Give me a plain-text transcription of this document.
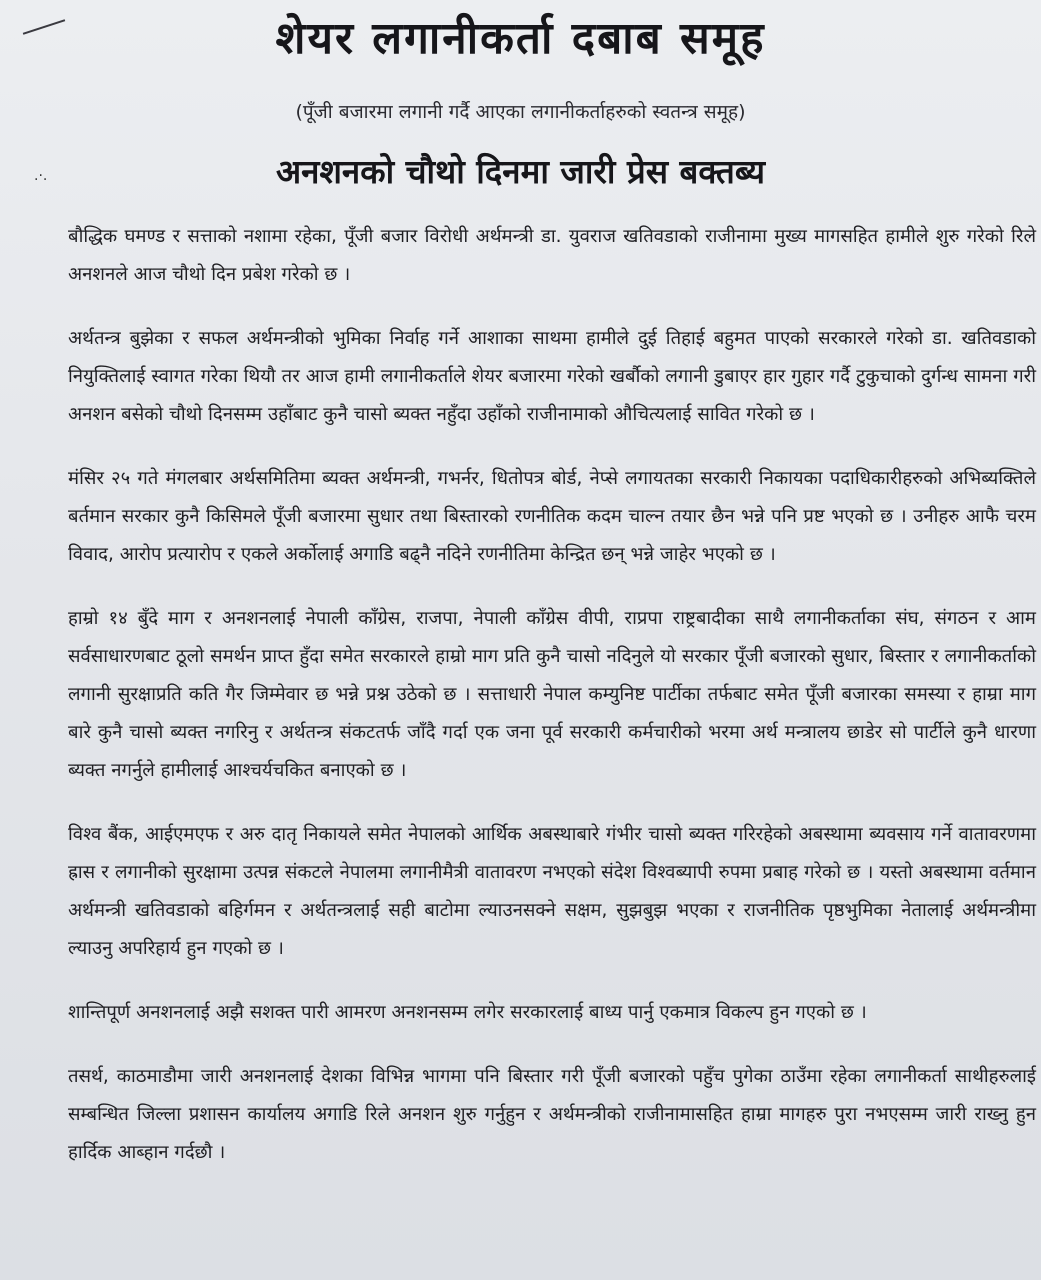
.·.
शेयर लगानीकर्ता दबाब समूह
(पूँजी बजारमा लगानी गर्दै आएका लगानीकर्ताहरुको स्वतन्त्र समूह)
अनशनको चौथो दिनमा जारी प्रेस बक्तब्य

बौद्धिक घमण्ड र सत्ताको नशामा रहेका, पूँजी बजार विरोधी अर्थमन्त्री डा. युवराज खतिवडाको राजीनामा मुख्य मागसहित हामीले शुरु गरेको रिले अनशनले आज चौथो दिन प्रबेश गरेको छ ।

अर्थतन्त्र बुझेका र सफल अर्थमन्त्रीको भुमिका निर्वाह गर्ने आशाका साथमा हामीले दुई तिहाई बहुमत पाएको सरकारले गरेको डा. खतिवडाको नियुक्तिलाई स्वागत गरेका थियौ तर आज हामी लगानीकर्ताले शेयर बजारमा गरेको खर्बौको लगानी डुबाएर हार गुहार गर्दै टुकुचाको दुर्गन्ध सामना गरी अनशन बसेको चौथो दिनसम्म उहाँबाट कुनै चासो ब्यक्त नहुँदा उहाँको राजीनामाको औचित्यलाई सावित गरेको छ ।

मंसिर २५ गते मंगलबार अर्थसमितिमा ब्यक्त अर्थमन्त्री, गभर्नर, धितोपत्र बोर्ड, नेप्से लगायतका सरकारी निकायका पदाधिकारीहरुको अभिब्यक्तिले बर्तमान सरकार कुनै किसिमले पूँजी बजारमा सुधार तथा बिस्तारको रणनीतिक कदम चाल्न तयार छैन भन्ने पनि प्रष्ट भएको छ । उनीहरु आफै चरम विवाद, आरोप प्रत्यारोप र एकले अर्कोलाई अगाडि बढ्नै नदिने रणनीतिमा केन्द्रित छन् भन्ने जाहेर भएको छ ।

हाम्रो १४ बुँदे माग र अनशनलाई नेपाली काँग्रेस, राजपा, नेपाली काँग्रेस वीपी, राप्रपा राष्ट्रबादीका साथै लगानीकर्ताका संघ, संगठन र आम सर्वसाधारणबाट ठूलो समर्थन प्राप्त हुँदा समेत सरकारले हाम्रो माग प्रति कुनै चासो नदिनुले यो सरकार पूँजी बजारको सुधार, बिस्तार र लगानीकर्ताको लगानी सुरक्षाप्रति कति गैर जिम्मेवार छ भन्ने प्रश्न उठेको छ । सत्ताधारी नेपाल कम्युनिष्ट पार्टीका तर्फबाट समेत पूँजी बजारका समस्या र हाम्रा माग बारे कुनै चासो ब्यक्त नगरिनु र अर्थतन्त्र संकटतर्फ जाँदै गर्दा एक जना पूर्व सरकारी कर्मचारीको भरमा अर्थ मन्त्रालय छाडेर सो पार्टीले कुनै धारणा ब्यक्त नगर्नुले हामीलाई आश्चर्यचकित बनाएको छ ।

विश्व बैंक, आईएमएफ र अरु दातृ निकायले समेत नेपालको आर्थिक अबस्थाबारे गंभीर चासो ब्यक्त गरिरहेको अबस्थामा ब्यवसाय गर्ने वातावरणमा ह्रास र लगानीको सुरक्षामा उत्पन्न संकटले नेपालमा लगानीमैत्री वातावरण नभएको संदेश विश्वब्यापी रुपमा प्रबाह गरेको छ । यस्तो अबस्थामा वर्तमान अर्थमन्त्री खतिवडाको बहिर्गमन र अर्थतन्त्रलाई सही बाटोमा ल्याउनसक्ने सक्षम, सुझबुझ भएका र राजनीतिक पृष्ठभुमिका नेतालाई अर्थमन्त्रीमा ल्याउनु अपरिहार्य हुन गएको छ ।

शान्तिपूर्ण अनशनलाई अझै सशक्त पारी आमरण अनशनसम्म लगेर सरकारलाई बाध्य पार्नु एकमात्र विकल्प हुन गएको छ ।

तसर्थ, काठमाडौमा जारी अनशनलाई देशका विभिन्न भागमा पनि बिस्तार गरी पूँजी बजारको पहुँच पुगेका ठाउँमा रहेका लगानीकर्ता साथीहरुलाई सम्बन्धित जिल्ला प्रशासन कार्यालय अगाडि रिले अनशन शुरु गर्नुहुन र अर्थमन्त्रीको राजीनामासहित हाम्रा मागहरु पुरा नभएसम्म जारी राख्नु हुन हार्दिक आब्हान गर्दछौ ।
